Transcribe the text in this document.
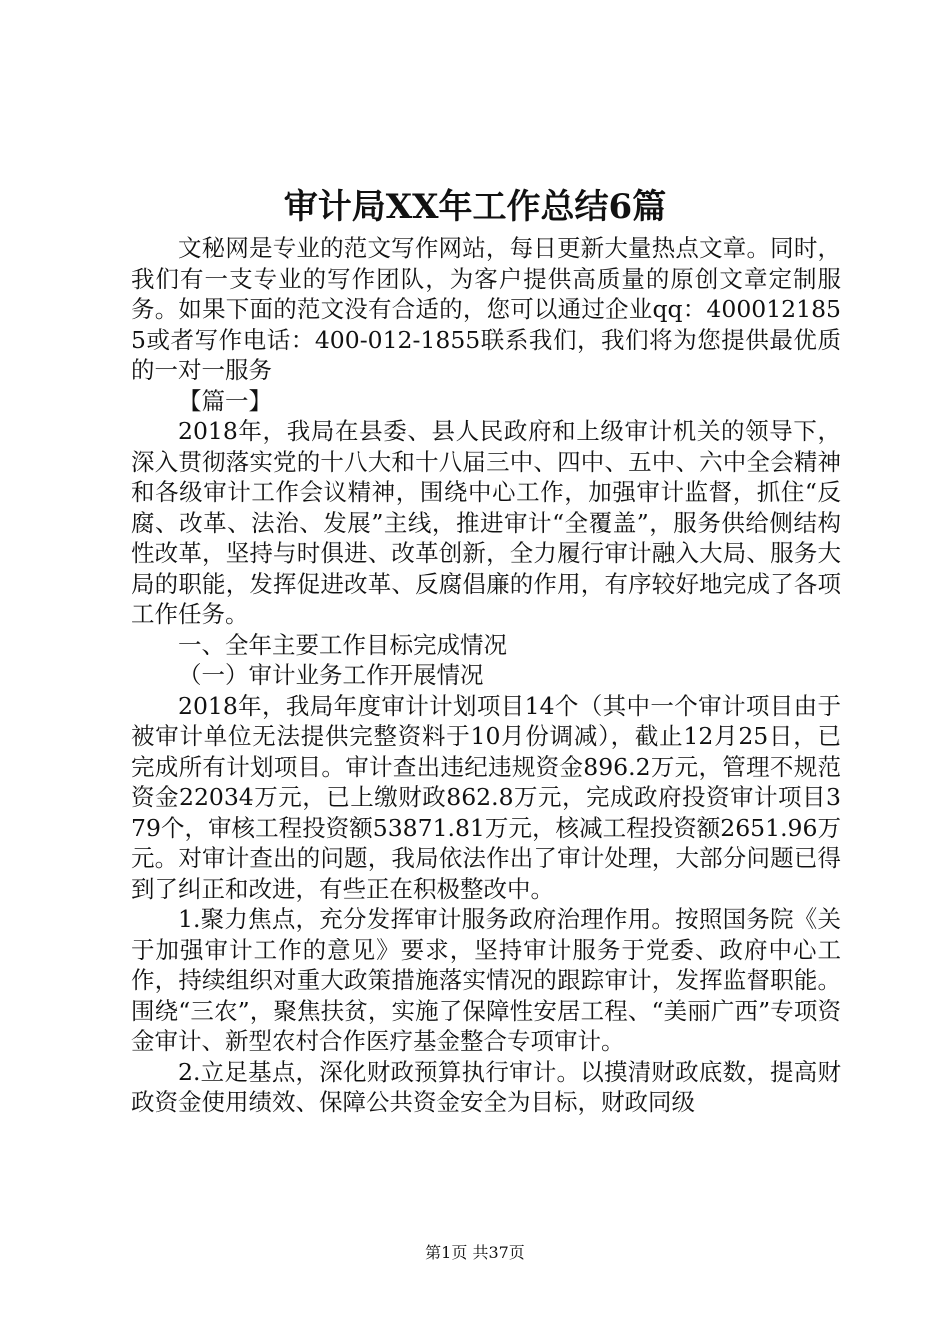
审计局XX年工作总结6篇

文秘网是专业的范文写作网站，每日更新大量热点文章。同时，我们有一支专业的写作团队，为客户提供高质量的原创文章定制服务。如果下面的范文没有合适的，您可以通过企业qq：4000121855或者写作电话：400-012-1855联系我们，我们将为您提供最优质的一对一服务

【篇一】

2018年，我局在县委、县人民政府和上级审计机关的领导下，深入贯彻落实党的十八大和十八届三中、四中、五中、六中全会精神和各级审计工作会议精神，围绕中心工作，加强审计监督，抓住“反腐、改革、法治、发展”主线，推进审计“全覆盖”，服务供给侧结构性改革，坚持与时俱进、改革创新，全力履行审计融入大局、服务大局的职能，发挥促进改革、反腐倡廉的作用，有序较好地完成了各项工作任务。

一、全年主要工作目标完成情况

（一）审计业务工作开展情况

2018年，我局年度审计计划项目14个（其中一个审计项目由于被审计单位无法提供完整资料于10月份调减），截止12月25日，已完成所有计划项目。审计查出违纪违规资金896.2万元，管理不规范资金22034万元，已上缴财政862.8万元，完成政府投资审计项目379个，审核工程投资额53871.81万元，核减工程投资额2651.96万元。对审计查出的问题，我局依法作出了审计处理，大部分问题已得到了纠正和改进，有些正在积极整改中。

1.聚力焦点，充分发挥审计服务政府治理作用。按照国务院《关于加强审计工作的意见》要求，坚持审计服务于党委、政府中心工作，持续组织对重大政策措施落实情况的跟踪审计，发挥监督职能。围绕“三农”，聚焦扶贫，实施了保障性安居工程、“美丽广西”专项资金审计、新型农村合作医疗基金整合专项审计。

2.立足基点，深化财政预算执行审计。以摸清财政底数，提高财政资金使用绩效、保障公共资金安全为目标，财政同级

第1页 共37页
